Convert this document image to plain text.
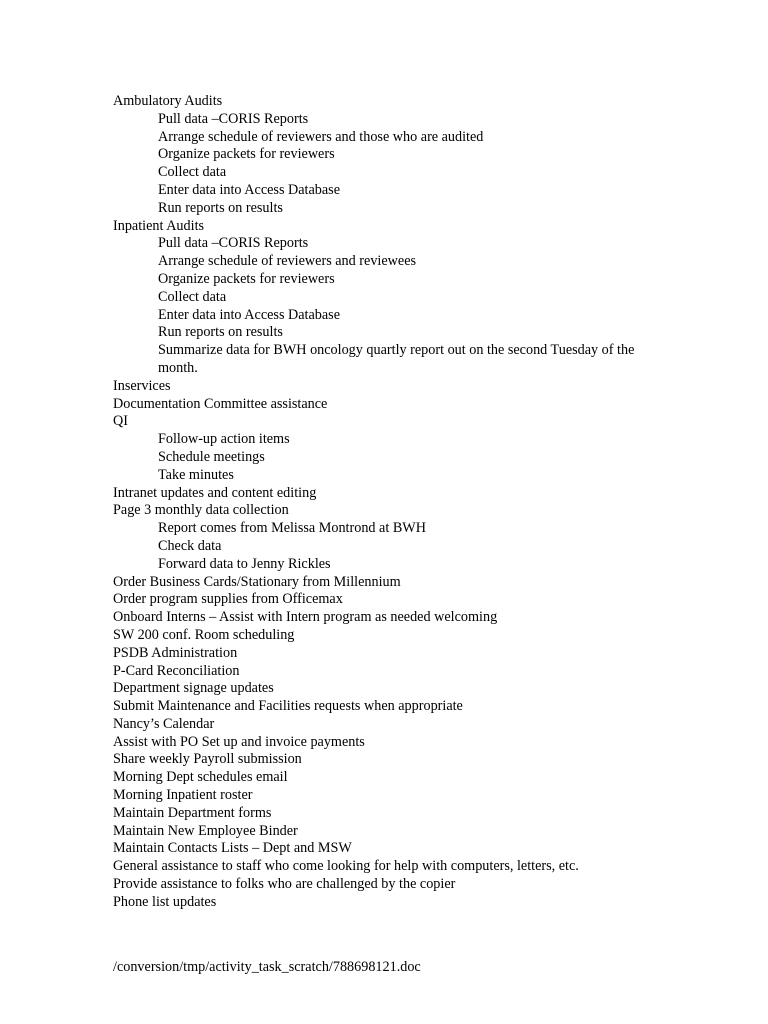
Ambulatory Audits
Pull data –CORIS Reports
Arrange schedule of reviewers and those who are audited
Organize packets for reviewers
Collect data
Enter data into Access Database
Run reports on results
Inpatient Audits
Pull data –CORIS Reports
Arrange schedule of reviewers and reviewees
Organize packets for reviewers
Collect data
Enter data into Access Database
Run reports on results
Summarize data for BWH oncology quartly report out on the second Tuesday of the month.
Inservices
Documentation Committee assistance
QI
Follow-up action items
Schedule meetings
Take minutes
Intranet updates and content editing
Page 3 monthly data collection
Report comes from Melissa Montrond at BWH
Check data
Forward data to Jenny Rickles
Order Business Cards/Stationary from Millennium
Order program supplies from Officemax
Onboard Interns – Assist with Intern program as needed welcoming
SW 200 conf. Room scheduling
PSDB Administration
P-Card Reconciliation
Department signage updates
Submit Maintenance and Facilities requests when appropriate
Nancy’s Calendar
Assist with PO Set up and invoice payments
Share weekly Payroll submission
Morning Dept schedules email
Morning Inpatient roster
Maintain Department forms
Maintain New Employee Binder
Maintain Contacts Lists – Dept and MSW
General assistance to staff who come looking for help with computers, letters, etc.
Provide assistance to folks who are challenged by the copier
Phone list updates
/conversion/tmp/activity_task_scratch/788698121.doc
